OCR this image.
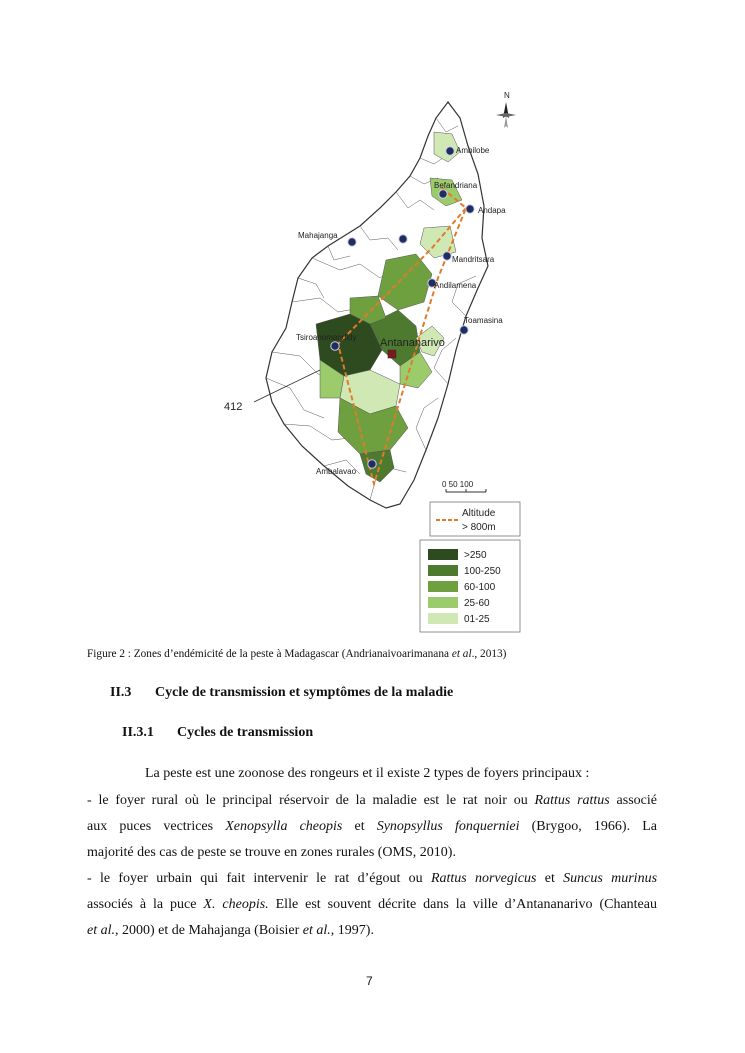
Ambilobe
Befandriana
Andapa
Mahajanga
Mandritsara
Andilamena
Toamasina
Tsiroanomandidy Antananarivo
Ambalavao
412
N
0 50 100
Altitude
> 800m
>250
100-250
60-100
25-60
01-25
Figure 2 : Zones d’endémicité de la peste à Madagascar (Andrianaivoarimanana et al., 2013)
II.3 Cycle de transmission et symptômes de la maladie
II.3.1 Cycles de transmission
La peste est une zoonose des rongeurs et il existe 2 types de foyers principaux :
- le foyer rural où le principal réservoir de la maladie est le rat noir ou Rattus rattus associé
aux puces vectrices Xenopsylla cheopis et Synopsyllus fonquerniei (Brygoo, 1966). La
majorité des cas de peste se trouve en zones rurales (OMS, 2010).
- le foyer urbain qui fait intervenir le rat d’égout ou Rattus norvegicus et Suncus murinus
associés à la puce X. cheopis. Elle est souvent décrite dans la ville d’Antananarivo (Chanteau
et al., 2000) et de Mahajanga (Boisier et al., 1997).
7
